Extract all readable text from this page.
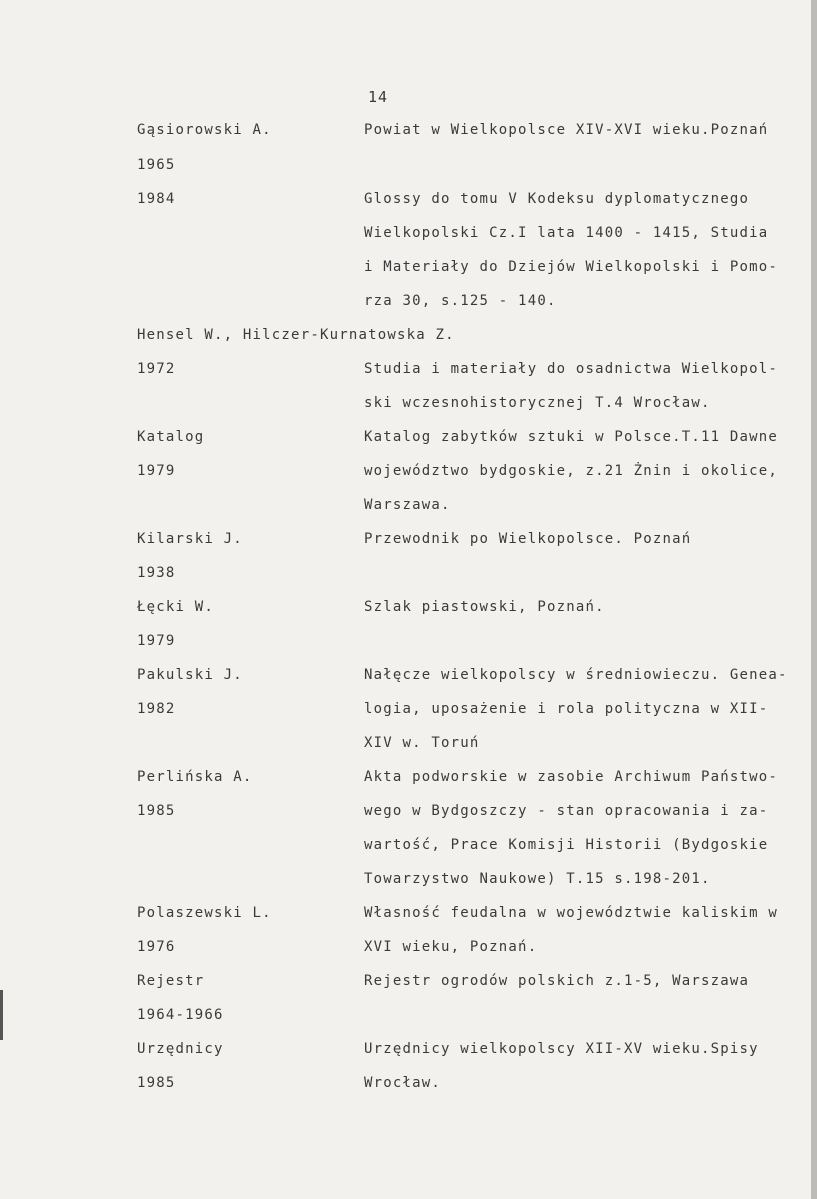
14
Gąsiorowski A.	Powiat w Wielkopolsce XIV-XVI wieku.Poznań
1965
1984	Glossy do tomu V Kodeksu dyplomatycznego
Wielkopolski Cz.I lata 1400 - 1415, Studia
i Materiały do Dziejów Wielkopolski i Pomo-
rza 30, s.125 - 140.
Hensel W., Hilczer-Kurnatowska Z.
1972	Studia i materiały do osadnictwa Wielkopol-
ski wczesnohistorycznej T.4 Wrocław.
Katalog	Katalog zabytków sztuki w Polsce.T.11 Dawne
1979	województwo bydgoskie, z.21 Żnin i okolice,
Warszawa.
Kilarski J.	Przewodnik po Wielkopolsce. Poznań
1938
Łęcki W.	Szlak piastowski, Poznań.
1979
Pakulski J.	Nałęcze wielkopolscy w średniowieczu. Genea-
1982	logia, uposażenie i rola polityczna w XII-
XIV w. Toruń
Perlińska A.	Akta podworskie w zasobie Archiwum Państwo-
1985	wego w Bydgoszczy - stan opracowania i za-
wartość, Prace Komisji Historii (Bydgoskie
Towarzystwo Naukowe) T.15 s.198-201.
Polaszewski L.	Własność feudalna w województwie kaliskim w
1976	XVI wieku, Poznań.
Rejestr	Rejestr ogrodów polskich z.1-5, Warszawa
1964-1966
Urzędnicy	Urzędnicy wielkopolscy XII-XV wieku.Spisy
1985	Wrocław.
